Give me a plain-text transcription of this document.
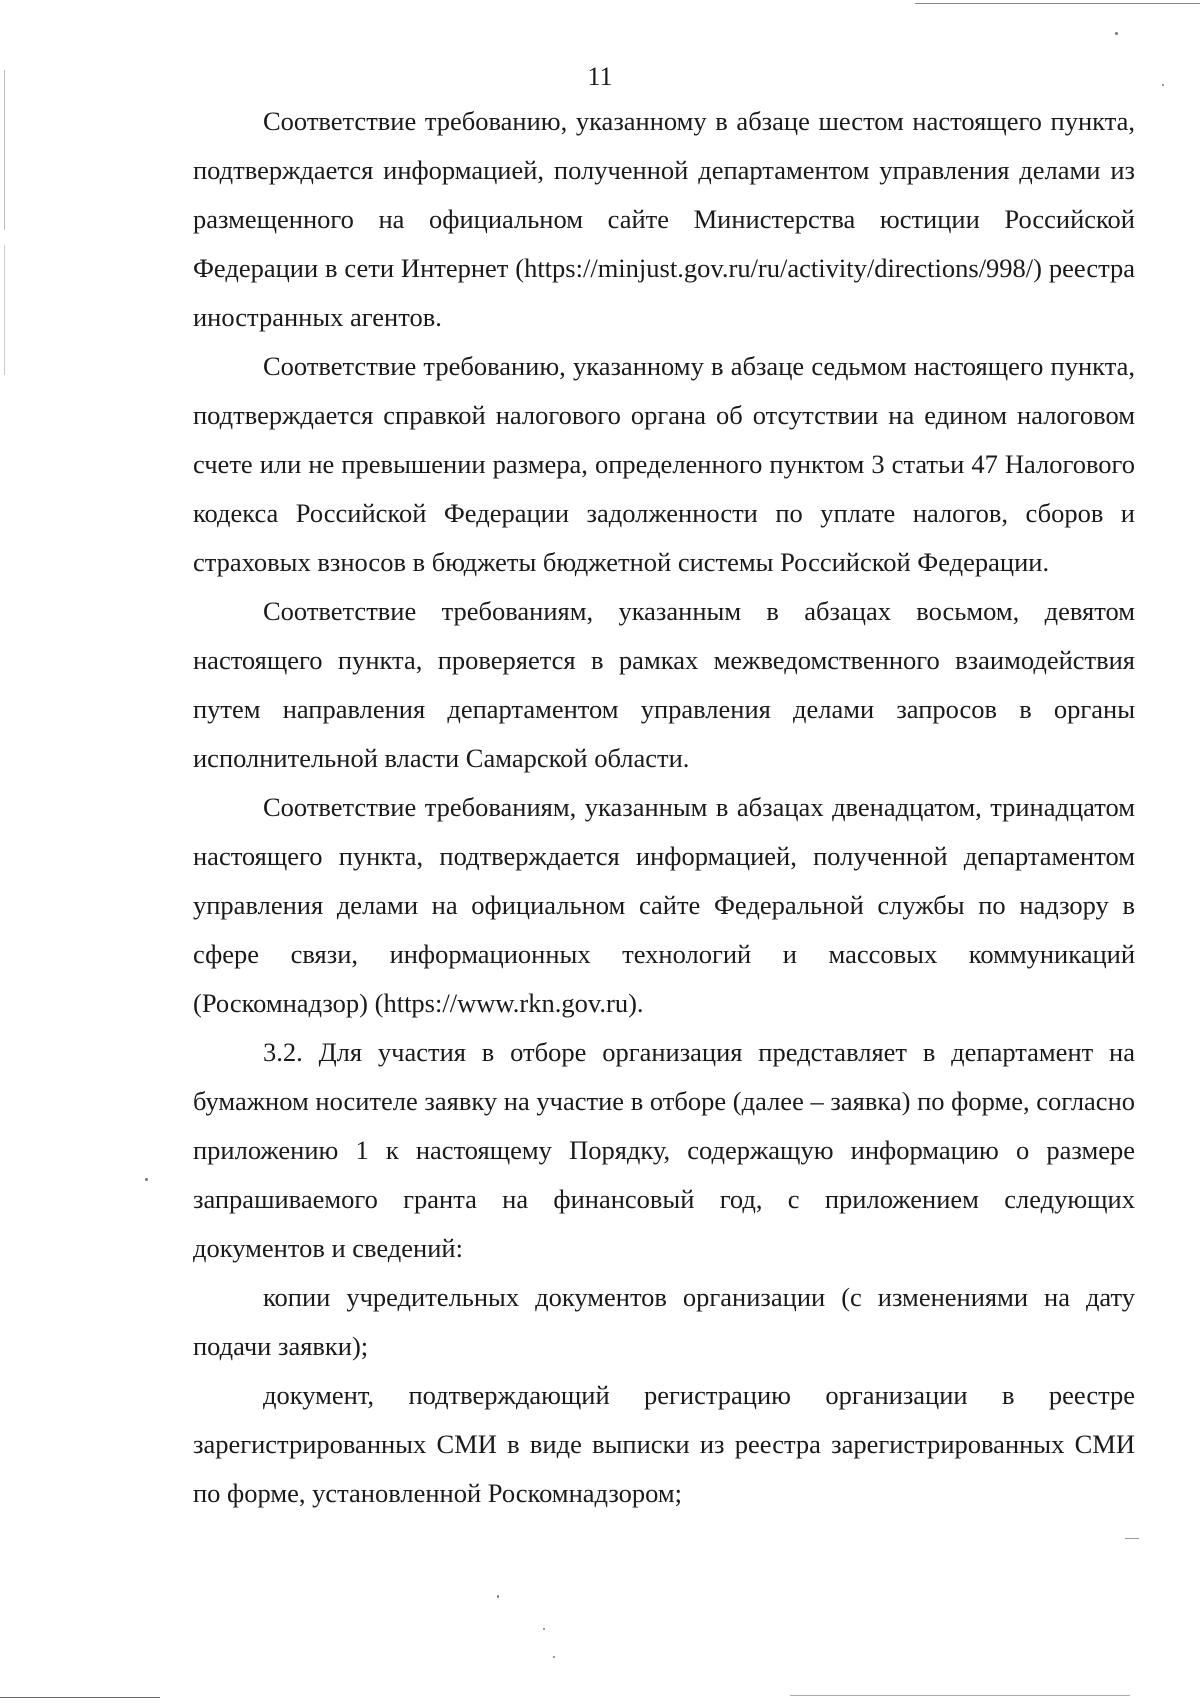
11

Соответствие требованию, указанному в абзаце шестом настоящего пункта, подтверждается информацией, полученной департаментом управления делами из размещенного на официальном сайте Министерства юстиции Российской Федерации в сети Интернет (https://minjust.gov.ru/ru/activity/directions/998/) реестра иностранных агентов.

Соответствие требованию, указанному в абзаце седьмом настоящего пункта, подтверждается справкой налогового органа об отсутствии на едином налоговом счете или не превышении размера, определенного пунктом 3 статьи 47 Налогового кодекса Российской Федерации задолженности по уплате налогов, сборов и страховых взносов в бюджеты бюджетной системы Российской Федерации.

Соответствие требованиям, указанным в абзацах восьмом, девятом настоящего пункта, проверяется в рамках межведомственного взаимодействия путем направления департаментом управления делами запросов в органы исполнительной власти Самарской области.

Соответствие требованиям, указанным в абзацах двенадцатом, тринадцатом настоящего пункта, подтверждается информацией, полученной департаментом управления делами на официальном сайте Федеральной службы по надзору в сфере связи, информационных технологий и массовых коммуникаций (Роскомнадзор) (https://www.rkn.gov.ru).

3.2. Для участия в отборе организация представляет в департамент на бумажном носителе заявку на участие в отборе (далее – заявка) по форме, согласно приложению 1 к настоящему Порядку, содержащую информацию о размере запрашиваемого гранта на финансовый год, с приложением следующих документов и сведений:

копии учредительных документов организации (с изменениями на дату подачи заявки);

документ, подтверждающий регистрацию организации в реестре зарегистрированных СМИ в виде выписки из реестра зарегистрированных СМИ по форме, установленной Роскомнадзором;
